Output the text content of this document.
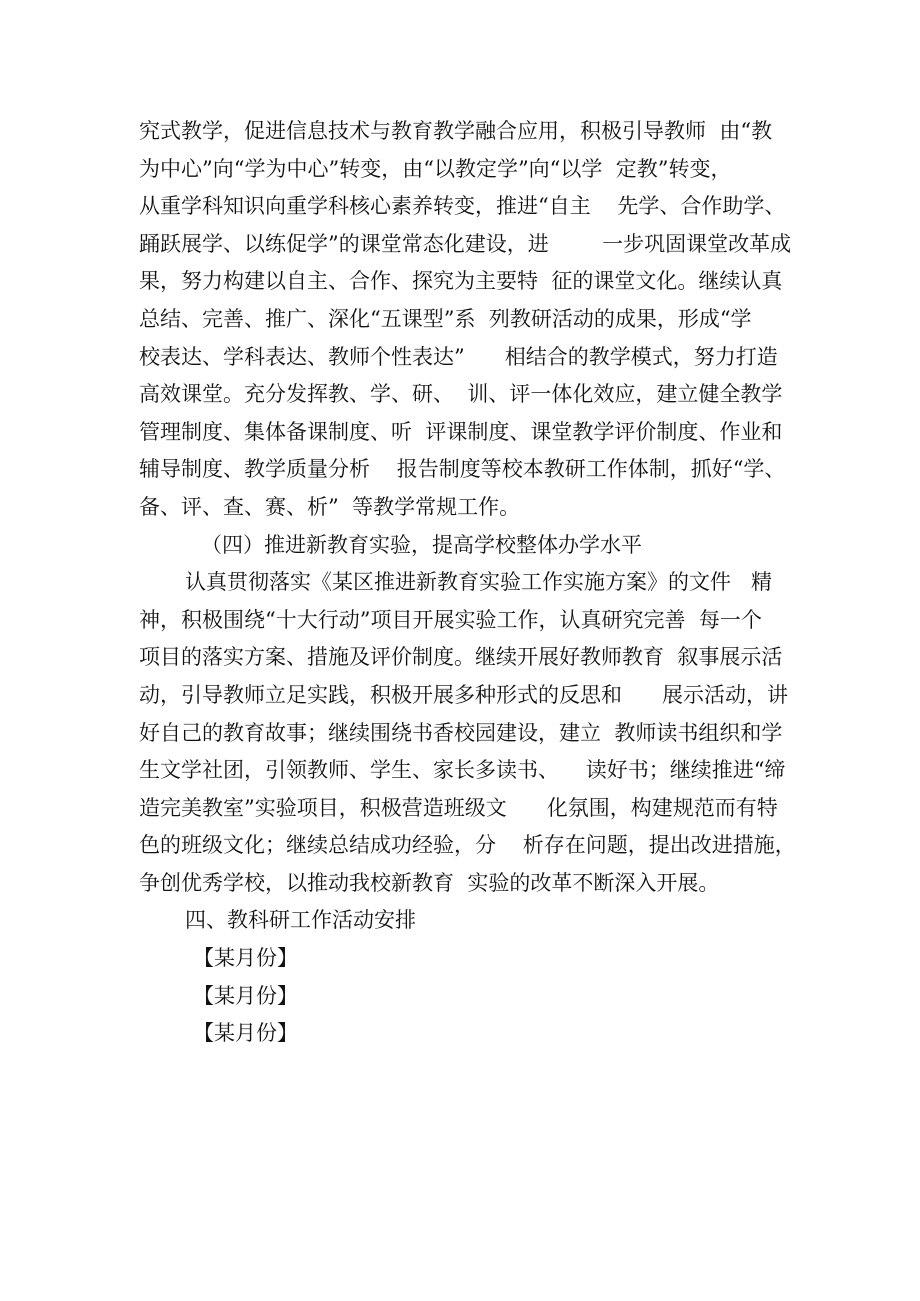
究式教学，促进信息技术与教育教学融合应用，积极引导教师  由“教
为中心”向“学为中心”转变，由“以教定学”向“以学  定教”转变，
从重学科知识向重学科核心素养转变，推进“自主    先学、合作助学、
踊跃展学、以练促学”的课堂常态化建设，进        一步巩固课堂改革成
果，努力构建以自主、合作、探究为主要特  征的课堂文化。继续认真
总结、完善、推广、深化“五课型”系  列教研活动的成果，形成“学
校表达、学科表达、教师个性表达”      相结合的教学模式，努力打造
高效课堂。充分发挥教、学、研、  训、评一体化效应，建立健全教学
管理制度、集体备课制度、听  评课制度、课堂教学评价制度、作业和
辅导制度、教学质量分析    报告制度等校本教研工作体制，抓好“学、
备、评、查、赛、析”  等教学常规工作。
（四）推进新教育实验，提高学校整体办学水平
认真贯彻落实《某区推进新教育实验工作实施方案》的文件   精
神，积极围绕“十大行动”项目开展实验工作，认真研究完善  每一个
项目的落实方案、措施及评价制度。继续开展好教师教育  叙事展示活
动，引导教师立足实践，积极开展多种形式的反思和      展示活动，讲
好自己的教育故事；继续围绕书香校园建设，建立  教师读书组织和学
生文学社团，引领教师、学生、家长多读书、    读好书；继续推进“缔
造完美教室”实验项目，积极营造班级文      化氛围，构建规范而有特
色的班级文化；继续总结成功经验，分    析存在问题，提出改进措施，
争创优秀学校，以推动我校新教育  实验的改革不断深入开展。
四、教科研工作活动安排
【某月份】
【某月份】
【某月份】
